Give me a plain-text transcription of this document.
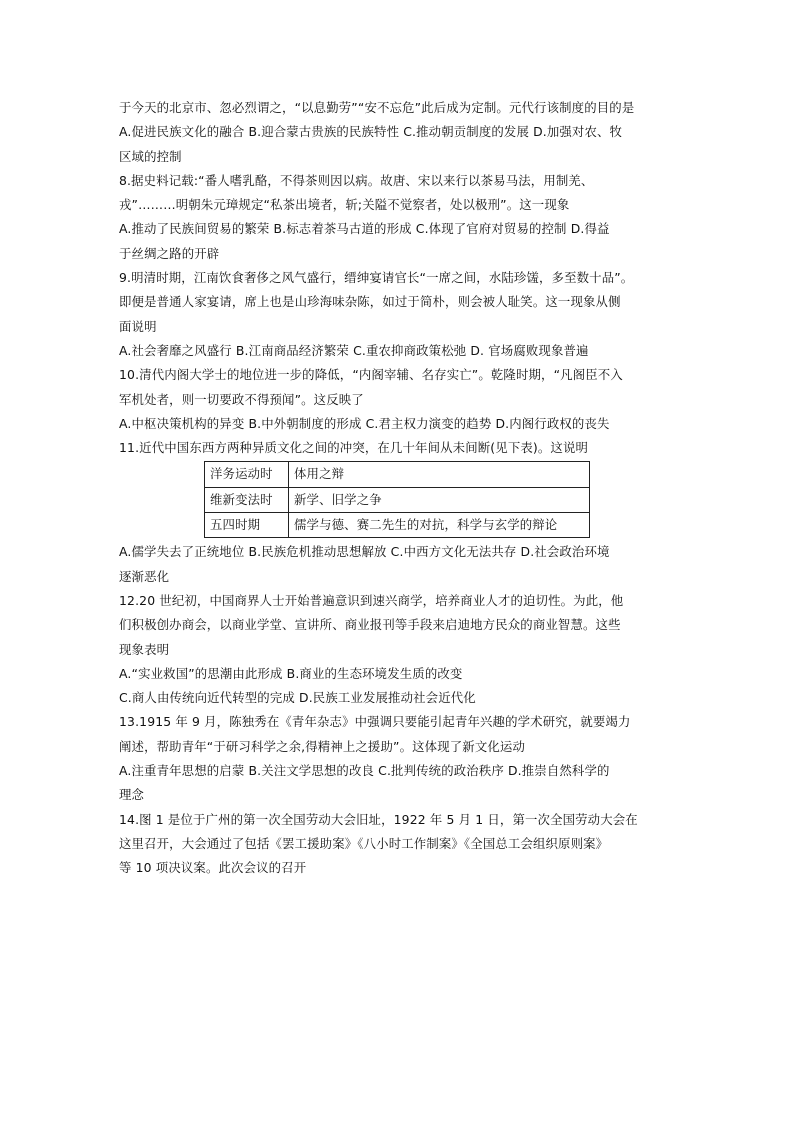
于今天的北京市、忽必烈谓之，“以息勤劳”“安不忘危”此后成为定制。元代行该制度的目的是
A.促进民族文化的融合 B.迎合蒙古贵族的民族特性 C.推动朝贡制度的发展 D.加强对农、牧
区域的控制
8.据史料记载:“番人嗜乳酪，不得茶则因以病。故唐、宋以来行以茶易马法，用制羌、
戎”………明朝朱元璋规定“私茶出境者，斩;关隘不觉察者，处以极刑”。这一现象
A.推动了民族间贸易的繁荣 B.标志着茶马古道的形成 C.体现了官府对贸易的控制 D.得益
于丝绸之路的开辟
9.明清时期，江南饮食奢侈之风气盛行，缙绅宴请官长“一席之间，水陆珍馐，多至数十品”。
即便是普通人家宴请，席上也是山珍海味杂陈，如过于简朴，则会被人耻笑。这一现象从侧
面说明
A.社会奢靡之风盛行 B.江南商品经济繁荣 C.重农抑商政策松弛 D. 官场腐败现象普遍
10.清代内阁大学士的地位进一步的降低，“内阁宰辅、名存实亡”。乾隆时期，“凡阁臣不入
军机处者，则一切要政不得预闻”。这反映了
A.中枢决策机构的异变 B.中外朝制度的形成 C.君主权力演变的趋势 D.内阁行政权的丧失
11.近代中国东西方两种异质文化之间的冲突，在几十年间从未间断(见下表)。这说明
洋务运动时	体用之辩
维新变法时	新学、旧学之争
五四时期	儒学与德、赛二先生的对抗，科学与玄学的辩论
A.儒学失去了正统地位 B.民族危机推动思想解放 C.中西方文化无法共存 D.社会政治环境
逐渐恶化
12.20 世纪初，中国商界人士开始普遍意识到速兴商学，培养商业人才的迫切性。为此，他
们积极创办商会，以商业学堂、宣讲所、商业报刊等手段来启迪地方民众的商业智慧。这些
现象表明
A.“实业救国”的思潮由此形成 B.商业的生态环境发生质的改变
C.商人由传统向近代转型的完成 D.民族工业发展推动社会近代化
13.1915 年 9 月，陈独秀在《青年杂志》中强调只要能引起青年兴趣的学术研究，就要竭力
阐述，帮助青年“于研习科学之余,得精神上之援助”。这体现了新文化运动
A.注重青年思想的启蒙 B.关注文学思想的改良 C.批判传统的政治秩序 D.推崇自然科学的
理念
14.图 1 是位于广州的第一次全国劳动大会旧址，1922 年 5 月 1 日，第一次全国劳动大会在
这里召开，大会通过了包括《罢工援助案》《八小时工作制案》《全国总工会组织原则案》
等 10 项决议案。此次会议的召开
